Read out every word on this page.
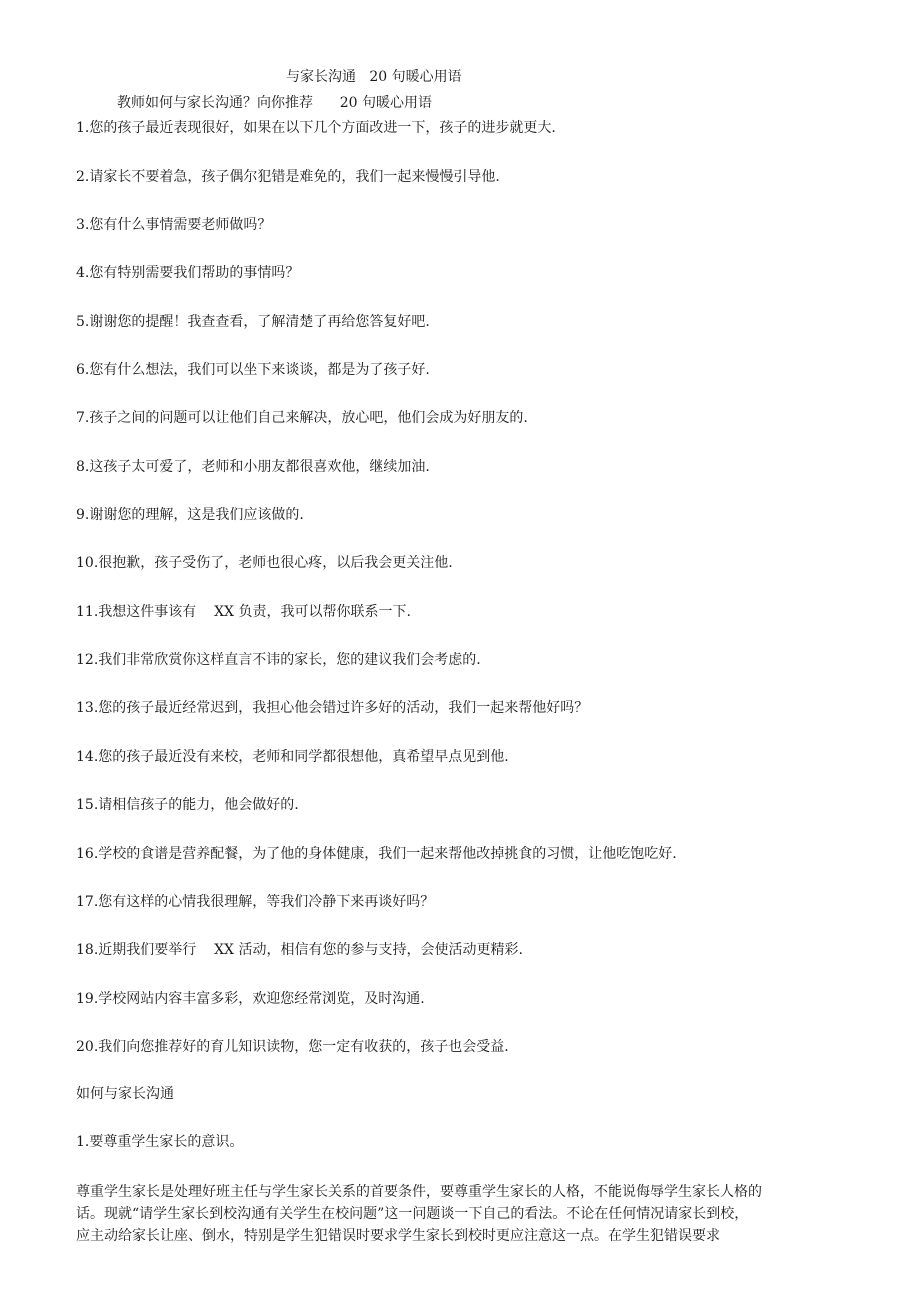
与家长沟通   20 句暖心用语
教师如何与家长沟通？向你推荐      20 句暖心用语
1.您的孩子最近表现很好，如果在以下几个方面改进一下，孩子的进步就更大.
2.请家长不要着急，孩子偶尔犯错是难免的，我们一起来慢慢引导他.
3.您有什么事情需要老师做吗？
4.您有特别需要我们帮助的事情吗？
5.谢谢您的提醒！我查查看，了解清楚了再给您答复好吧.
6.您有什么想法，我们可以坐下来谈谈，都是为了孩子好.
7.孩子之间的问题可以让他们自己来解决，放心吧，他们会成为好朋友的.
8.这孩子太可爱了，老师和小朋友都很喜欢他，继续加油.
9.谢谢您的理解，这是我们应该做的.
10.很抱歉，孩子受伤了，老师也很心疼，以后我会更关注他.
11.我想这件事该有    XX 负责，我可以帮你联系一下.
12.我们非常欣赏你这样直言不讳的家长，您的建议我们会考虑的.
13.您的孩子最近经常迟到，我担心他会错过许多好的活动，我们一起来帮他好吗？
14.您的孩子最近没有来校，老师和同学都很想他，真希望早点见到他.
15.请相信孩子的能力，他会做好的.
16.学校的食谱是营养配餐，为了他的身体健康，我们一起来帮他改掉挑食的习惯，让他吃饱吃好.
17.您有这样的心情我很理解，等我们冷静下来再谈好吗？
18.近期我们要举行    XX 活动，相信有您的参与支持，会使活动更精彩.
19.学校网站内容丰富多彩，欢迎您经常浏览，及时沟通.
20.我们向您推荐好的育儿知识读物，您一定有收获的，孩子也会受益.
如何与家长沟通
1.要尊重学生家长的意识。
尊重学生家长是处理好班主任与学生家长关系的首要条件，要尊重学生家长的人格，不能说侮辱学生家长人格的
话。现就“请学生家长到校沟通有关学生在校问题”这一问题谈一下自己的看法。不论在任何情况请家长到校，
应主动给家长让座、倒水，特别是学生犯错误时要求学生家长到校时更应注意这一点。在学生犯错误要求
